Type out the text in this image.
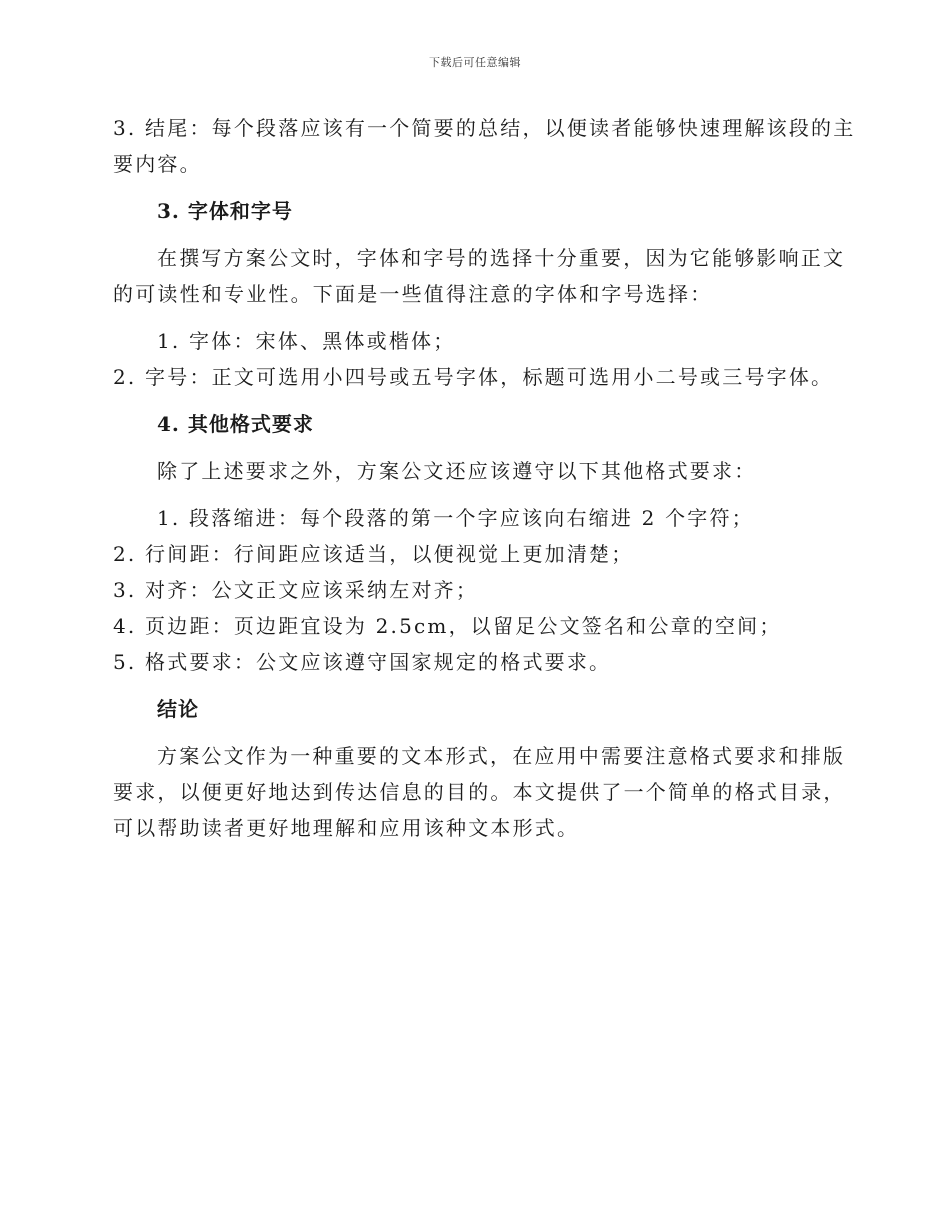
下载后可任意编辑
3. 结尾：每个段落应该有一个简要的总结，以便读者能够快速理解该段的主
要内容。
3. 字体和字号
在撰写方案公文时，字体和字号的选择十分重要，因为它能够影响正文
的可读性和专业性。下面是一些值得注意的字体和字号选择：
1. 字体：宋体、黑体或楷体；
2. 字号：正文可选用小四号或五号字体，标题可选用小二号或三号字体。
4. 其他格式要求
除了上述要求之外，方案公文还应该遵守以下其他格式要求：
1. 段落缩进：每个段落的第一个字应该向右缩进 2 个字符；
2. 行间距：行间距应该适当，以便视觉上更加清楚；
3. 对齐：公文正文应该采纳左对齐；
4. 页边距：页边距宜设为 2.5cm，以留足公文签名和公章的空间；
5. 格式要求：公文应该遵守国家规定的格式要求。
结论
方案公文作为一种重要的文本形式，在应用中需要注意格式要求和排版
要求，以便更好地达到传达信息的目的。本文提供了一个简单的格式目录，
可以帮助读者更好地理解和应用该种文本形式。
